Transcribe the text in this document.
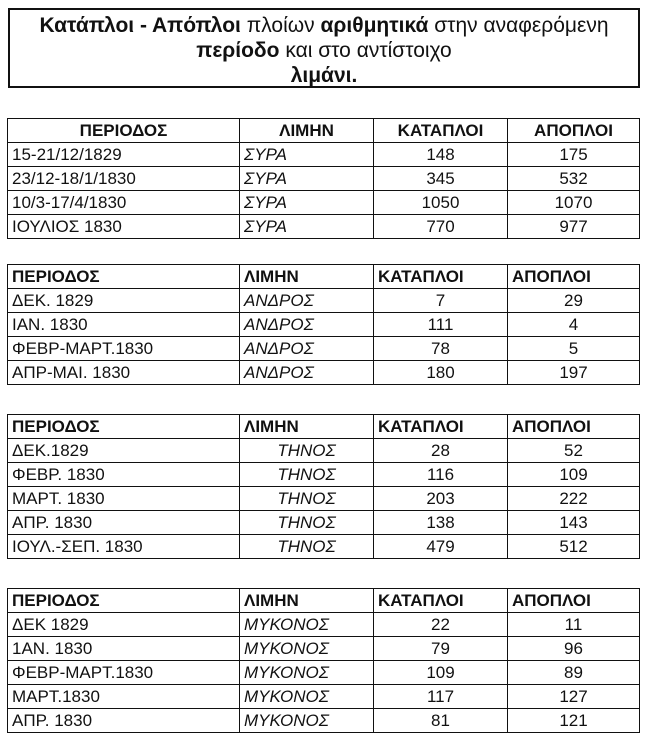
Κατάπλοι - Απόπλοι πλοίων αριθμητικά στην αναφερόμενη περίοδο και στο αντίστοιχο
λιμάνι.
ΠΕΡΙΟΔΟΣ	ΛΙΜΗΝ	ΚΑΤΑΠΛΟΙ	ΑΠΟΠΛΟΙ
15-21/12/1829	ΣΥΡΑ	148	175
23/12-18/1/1830	ΣΥΡΑ	345	532
10/3-17/4/1830	ΣΥΡΑ	1050	1070
ΙΟΥΛΙΟΣ 1830	ΣΥΡΑ	770	977
ΠΕΡΙΟΔΟΣ	ΛΙΜΗΝ	ΚΑΤΑΠΛΟΙ	ΑΠΟΠΛΟΙ
ΔΕΚ. 1829	ΑΝΔΡΟΣ	7	29
ΙΑΝ. 1830	ΑΝΔΡΟΣ	111	4
ΦΕΒΡ-ΜΑΡΤ.1830	ΑΝΔΡΟΣ	78	5
ΑΠΡ-ΜΑΙ. 1830	ΑΝΔΡΟΣ	180	197
ΠΕΡΙΟΔΟΣ	ΛΙΜΗΝ	ΚΑΤΑΠΛΟΙ	ΑΠΟΠΛΟΙ
ΔΕΚ.1829	ΤΗΝΟΣ	28	52
ΦΕΒΡ. 1830	ΤΗΝΟΣ	116	109
ΜΑΡΤ. 1830	ΤΗΝΟΣ	203	222
ΑΠΡ. 1830	ΤΗΝΟΣ	138	143
ΙΟΥΛ.-ΣΕΠ. 1830	ΤΗΝΟΣ	479	512
ΠΕΡΙΟΔΟΣ	ΛΙΜΗΝ	ΚΑΤΑΠΛΟΙ	ΑΠΟΠΛΟΙ
ΔΕΚ 1829	ΜΥΚΟΝΟΣ	22	11
1ΑΝ. 1830	ΜΥΚΟΝΟΣ	79	96
ΦΕΒΡ-ΜΑΡΤ.1830	ΜΥΚΟΝΟΣ	109	89
ΜΑΡΤ.1830	ΜΥΚΟΝΟΣ	117	127
ΑΠΡ. 1830	ΜΥΚΟΝΟΣ	81	121
